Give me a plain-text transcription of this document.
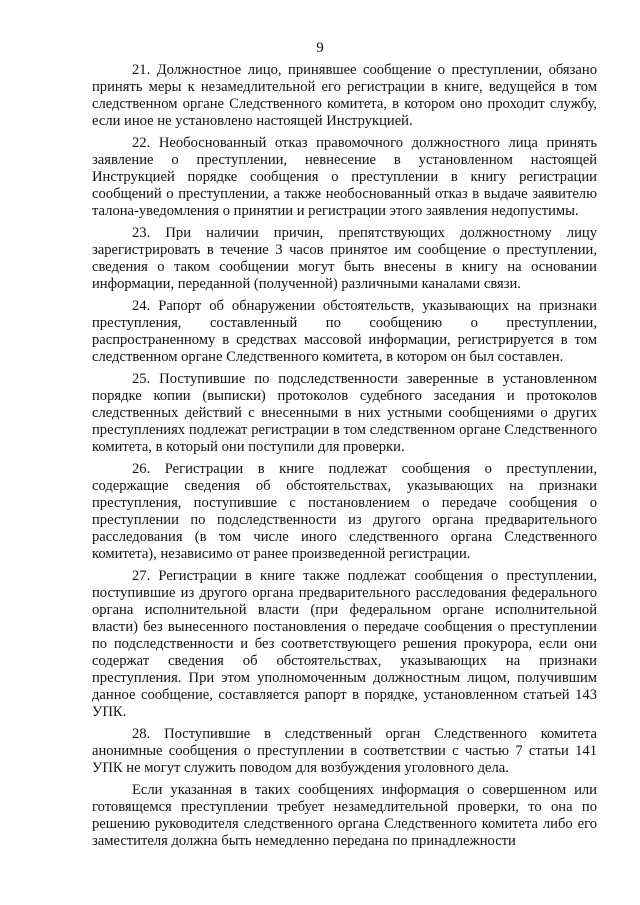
9

21. Должностное лицо, принявшее сообщение о преступлении, обязано принять меры к незамедлительной его регистрации в книге, ведущейся в том следственном органе Следственного комитета, в котором оно проходит службу, если иное не установлено настоящей Инструкцией.

22. Необоснованный отказ правомочного должностного лица принять заявление о преступлении, невнесение в установленном настоящей Инструкцией порядке сообщения о преступлении в книгу регистрации сообщений о преступлении, а также необоснованный отказ в выдаче заявителю талона-уведомления о принятии и регистрации этого заявления недопустимы.

23. При наличии причин, препятствующих должностному лицу зарегистрировать в течение 3 часов принятое им сообщение о преступлении, сведения о таком сообщении могут быть внесены в книгу на основании информации, переданной (полученной) различными каналами связи.

24. Рапорт об обнаружении обстоятельств, указывающих на признаки преступления, составленный по сообщению о преступлении, распространенному в средствах массовой информации, регистрируется в том следственном органе Следственного комитета, в котором он был составлен.

25. Поступившие по подследственности заверенные в установленном порядке копии (выписки) протоколов судебного заседания и протоколов следственных действий с внесенными в них устными сообщениями о других преступлениях подлежат регистрации в том следственном органе Следственного комитета, в который они поступили для проверки.

26. Регистрации в книге подлежат сообщения о преступлении, содержащие сведения об обстоятельствах, указывающих на признаки преступления, поступившие с постановлением о передаче сообщения о преступлении по подследственности из другого органа предварительного расследования (в том числе иного следственного органа Следственного комитета), независимо от ранее произведенной регистрации.

27. Регистрации в книге также подлежат сообщения о преступлении, поступившие из другого органа предварительного расследования федерального органа исполнительной власти (при федеральном органе исполнительной власти) без вынесенного постановления о передаче сообщения о преступлении по подследственности и без соответствующего решения прокурора, если они содержат сведения об обстоятельствах, указывающих на признаки преступления. При этом уполномоченным должностным лицом, получившим данное сообщение, составляется рапорт в порядке, установленном статьей 143 УПК.

28. Поступившие в следственный орган Следственного комитета анонимные сообщения о преступлении в соответствии с частью 7 статьи 141 УПК не могут служить поводом для возбуждения уголовного дела.

Если указанная в таких сообщениях информация о совершенном или готовящемся преступлении требует незамедлительной проверки, то она по решению руководителя следственного органа Следственного комитета либо его заместителя должна быть немедленно передана по принадлежности
